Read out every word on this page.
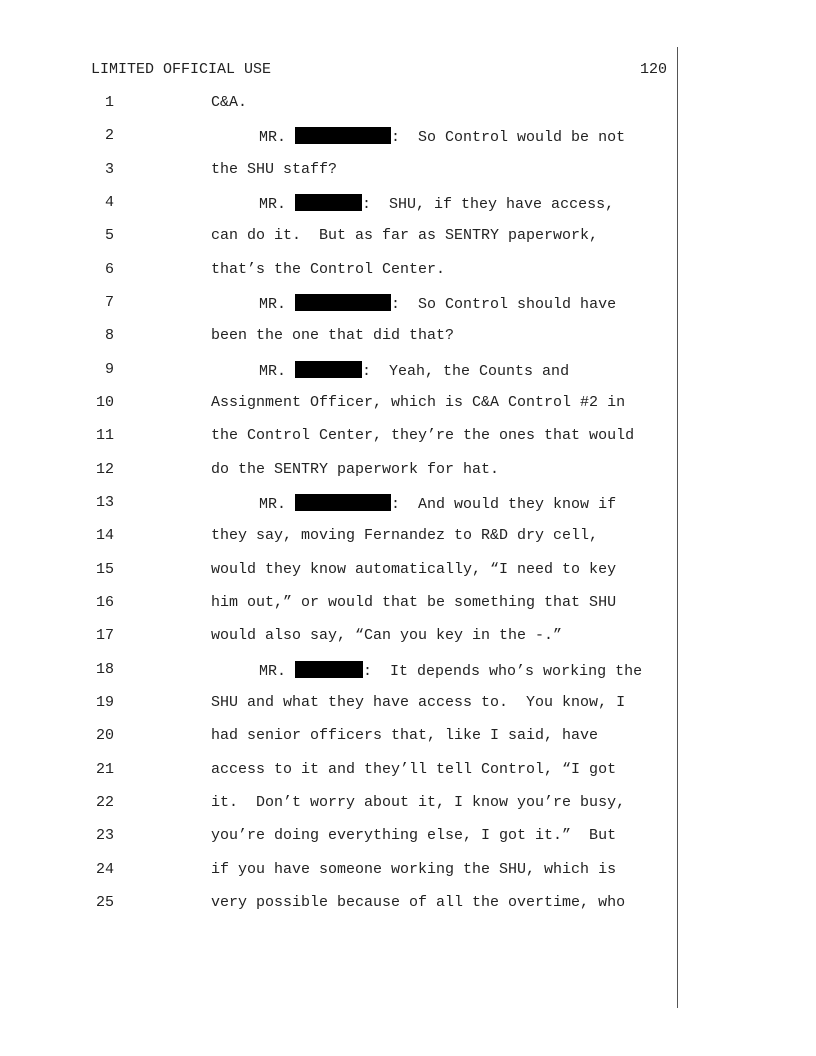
LIMITED OFFICIAL USE	120
1	C&A.
2	MR.	:  So Control would be not
3	the SHU staff?
4	MR.	:  SHU, if they have access,
5	can do it.  But as far as SENTRY paperwork,
6	that’s the Control Center.
7	MR.	:  So Control should have
8	been the one that did that?
9	MR.	:  Yeah, the Counts and
10	Assignment Officer, which is C&A Control #2 in
11	the Control Center, they’re the ones that would
12	do the SENTRY paperwork for hat.
13	MR.	:  And would they know if
14	they say, moving Fernandez to R&D dry cell,
15	would they know automatically, “I need to key
16	him out,” or would that be something that SHU
17	would also say, “Can you key in the -.”
18	MR.	:  It depends who’s working the
19	SHU and what they have access to.  You know, I
20	had senior officers that, like I said, have
21	access to it and they’ll tell Control, “I got
22	it.  Don’t worry about it, I know you’re busy,
23	you’re doing everything else, I got it.”  But
24	if you have someone working the SHU, which is
25	very possible because of all the overtime, who
